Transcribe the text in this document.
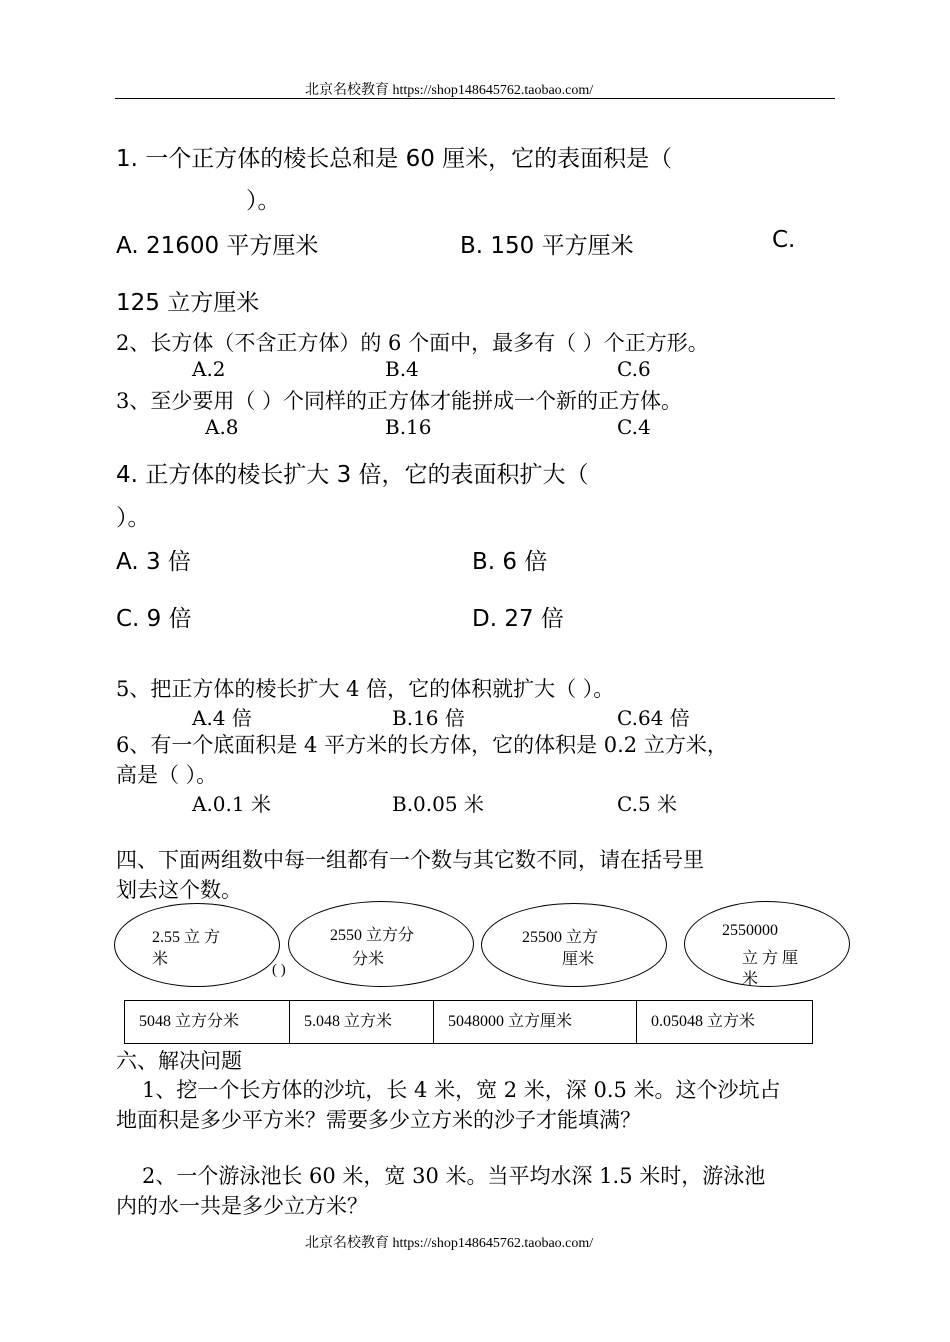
北京名校教育 https://shop148645762.taobao.com/
1. 一个正方体的棱长总和是 60 厘米，它的表面积是（
）。
A. 21600 平方厘米	B. 150 平方厘米	C.
125 立方厘米
2、长方体（不含正方体）的 6 个面中，最多有（ ）个正方形。
A.2	B.4	C.6
3、至少要用（ ）个同样的正方体才能拼成一个新的正方体。
A.8	B.16	C.4
4. 正方体的棱长扩大 3 倍，它的表面积扩大（
）。
A. 3 倍	B. 6 倍
C. 9 倍	D. 27 倍
5、把正方体的棱长扩大 4 倍，它的体积就扩大（ ）。
A.4 倍	B.16 倍	C.64 倍
6、有一个底面积是 4 平方米的长方体，它的体积是 0.2 立方米，
高是（ ）。
A.0.1 米	B.0.05 米	C.5 米
四、下面两组数中每一组都有一个数与其它数不同，请在括号里
划去这个数。
2.55 立 方
米
2550 立方分
分米
25500 立方
厘米
2550000
立 方 厘
米
( )
5048 立方分米	5.048 立方米	5048000 立方厘米	0.05048 立方米
六、解决问题
1、挖一个长方体的沙坑，长 4 米，宽 2 米，深 0.5 米。这个沙坑占
地面积是多少平方米？需要多少立方米的沙子才能填满？
2、一个游泳池长 60 米，宽 30 米。当平均水深 1.5 米时，游泳池
内的水一共是多少立方米？
北京名校教育 https://shop148645762.taobao.com/
